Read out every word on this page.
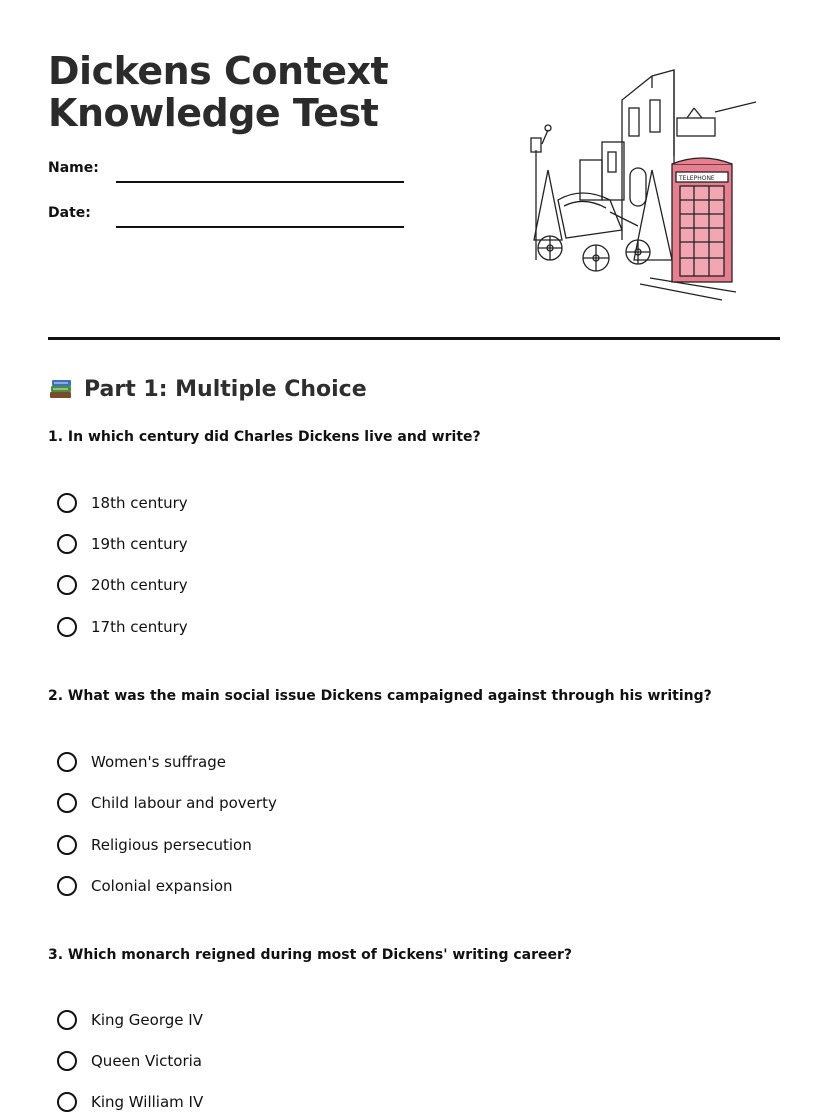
Dickens Context
Knowledge Test
Name:
Date:
TELEPHONE
Part 1: Multiple Choice
1. In which century did Charles Dickens live and write?
18th century
19th century
20th century
17th century
2. What was the main social issue Dickens campaigned against through his writing?
Women's suffrage
Child labour and poverty
Religious persecution
Colonial expansion
3. Which monarch reigned during most of Dickens' writing career?
King George IV
Queen Victoria
King William IV
